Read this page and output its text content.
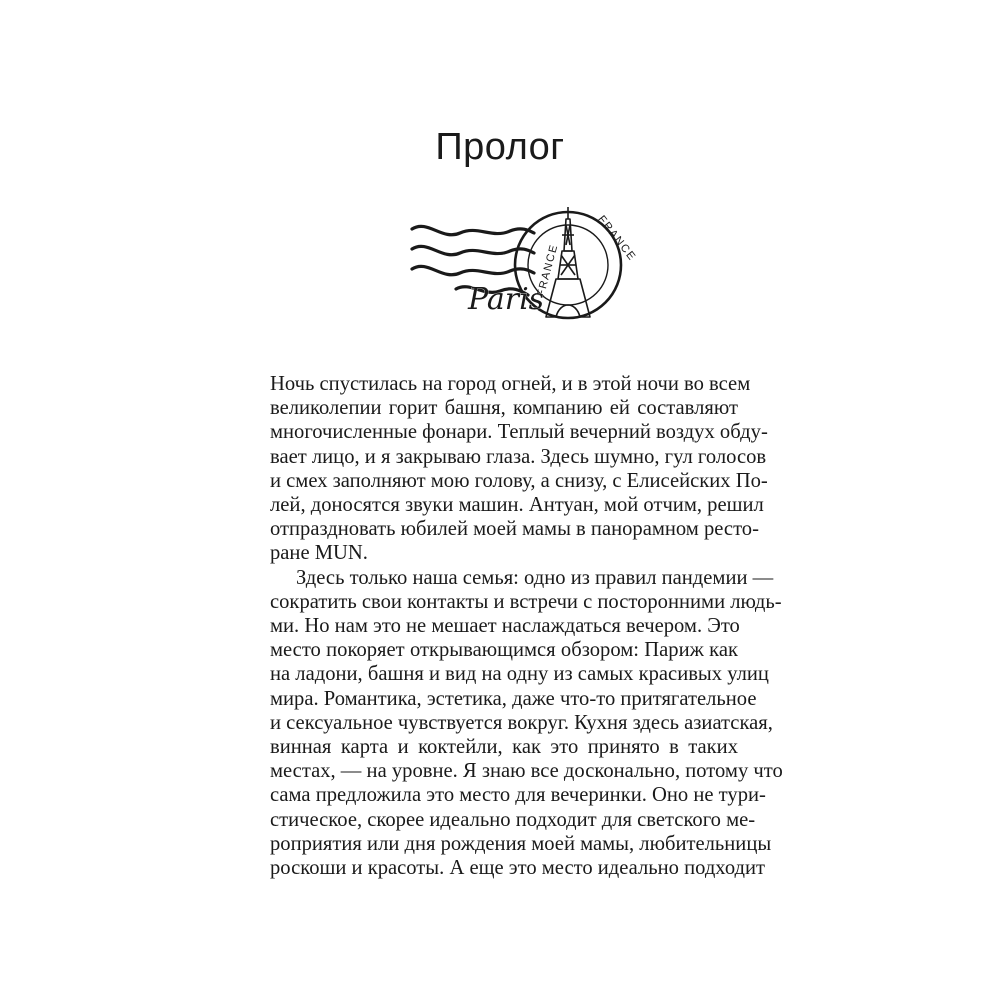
Пролог
FRANCE
FRANCE
Paris

Ночь спустилась на город огней, и в этой ночи во всем
великолепии горит башня, компанию ей составляют
многочисленные фонари. Теплый вечерний воздух обду-
вает лицо, и я закрываю глаза. Здесь шумно, гул голосов
и смех заполняют мою голову, а снизу, с Елисейских По-
лей, доносятся звуки машин. Антуан, мой отчим, решил
отпраздновать юбилей моей мамы в панорамном ресто-
ране MUN.

Здесь только наша семья: одно из правил пандемии —
сократить свои контакты и встречи с посторонними людь-
ми. Но нам это не мешает наслаждаться вечером. Это
место покоряет открывающимся обзором: Париж как
на ладони, башня и вид на одну из самых красивых улиц
мира. Романтика, эстетика, даже что-то притягательное
и сексуальное чувствуется вокруг. Кухня здесь азиатская,
винная карта и коктейли, как это принято в таких
местах, — на уровне. Я знаю все досконально, потому что
сама предложила это место для вечеринки. Оно не тури-
стическое, скорее идеально подходит для светского ме-
роприятия или дня рождения моей мамы, любительницы
роскоши и красоты. А еще это место идеально подходит
